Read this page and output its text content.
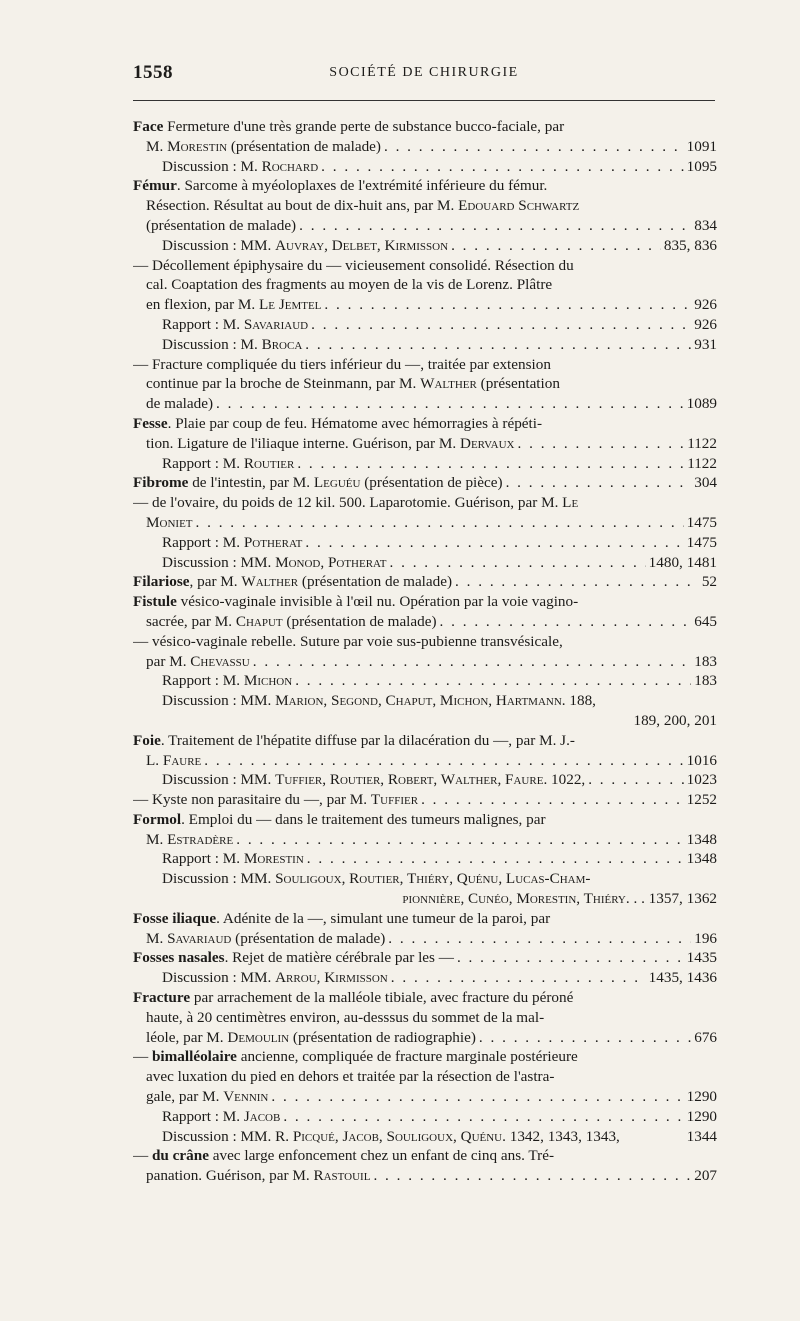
1558	SOCIÉTÉ DE CHIRURGIE
Face Fermeture d'une très grande perte de substance bucco-faciale, par
M. Morestin (présentation de malade) . . .	1091
Discussion : M. Rochard . . .	1095
Fémur. Sarcome à myéoloplaxes de l'extrémité inférieure du fémur.
Résection. Résultat au bout de dix-huit ans, par M. Edouard Schwartz
(présentation de malade) . . .	834
Discussion : MM. Auvray, Delbet, Kirmisson . . .	835, 836
— Décollement épiphysaire du — vicieusement consolidé. Résection du
cal. Coaptation des fragments au moyen de la vis de Lorenz. Plâtre
en flexion, par M. Le Jemtel . . .	926
Rapport : M. Savariaud . . .	926
Discussion : M. Broca . . .	931
— Fracture compliquée du tiers inférieur du —, traitée par extension
continue par la broche de Steinmann, par M. Walther (présentation
de malade) . . .	1089
Fesse. Plaie par coup de feu. Hématome avec hémorragies à répéti-
tion. Ligature de l'iliaque interne. Guérison, par M. Dervaux . . .	1122
Rapport : M. Routier . . .	1122
Fibrome de l'intestin, par M. Leguéu (présentation de pièce) . . .	304
— de l'ovaire, du poids de 12 kil. 500. Laparotomie. Guérison, par M. Le
Moniet . . .	1475
Rapport : M. Potherat . . .	1475
Discussion : MM. Monod, Potherat . . .	1480, 1481
Filariose, par M. Walther (présentation de malade) . . .	52
Fistule vésico-vaginale invisible à l'œil nu. Opération par la voie vagino-
sacrée, par M. Chaput (présentation de malade) . . .	645
— vésico-vaginale rebelle. Suture par voie sus-pubienne transvésicale,
par M. Chevassu . . .	183
Rapport : M. Michon . . .	183
Discussion : MM. Marion, Segond, Chaput, Michon, Hartmann. 188,
189, 200, 201
Foie. Traitement de l'hépatite diffuse par la dilacération du —, par M. J.-
L. Faure . . .	1016
Discussion : MM. Tuffier, Routier, Robert, Walther, Faure. 1022, . . .	1023
— Kyste non parasitaire du —, par M. Tuffier . . .	1252
Formol. Emploi du — dans le traitement des tumeurs malignes, par
M. Estradère . . .	1348
Rapport : M. Morestin . . .	1348
Discussion : MM. Souligoux, Routier, Thiéry, Quénu, Lucas-Cham-
pionnière, Cunéo, Morestin, Thiéry. . . 1357, 1362
Fosse iliaque. Adénite de la —, simulant une tumeur de la paroi, par
M. Savariaud (présentation de malade) . . .	196
Fosses nasales. Rejet de matière cérébrale par les — . . .	1435
Discussion : MM. Arrou, Kirmisson . . .	1435, 1436
Fracture par arrachement de la malléole tibiale, avec fracture du péroné
haute, à 20 centimètres environ, au-desssus du sommet de la mal-
léole, par M. Demoulin (présentation de radiographie) . . .	676
— bimalléolaire ancienne, compliquée de fracture marginale postérieure
avec luxation du pied en dehors et traitée par la résection de l'astra-
gale, par M. Vennin . . .	1290
Rapport : M. Jacob . . .	1290
Discussion : MM. R. Picqué, Jacob, Souligoux, Quénu. 1342, 1343, 1343,	1344
— du crâne avec large enfoncement chez un enfant de cinq ans. Tré-
panation. Guérison, par M. Rastouil . . .	207
